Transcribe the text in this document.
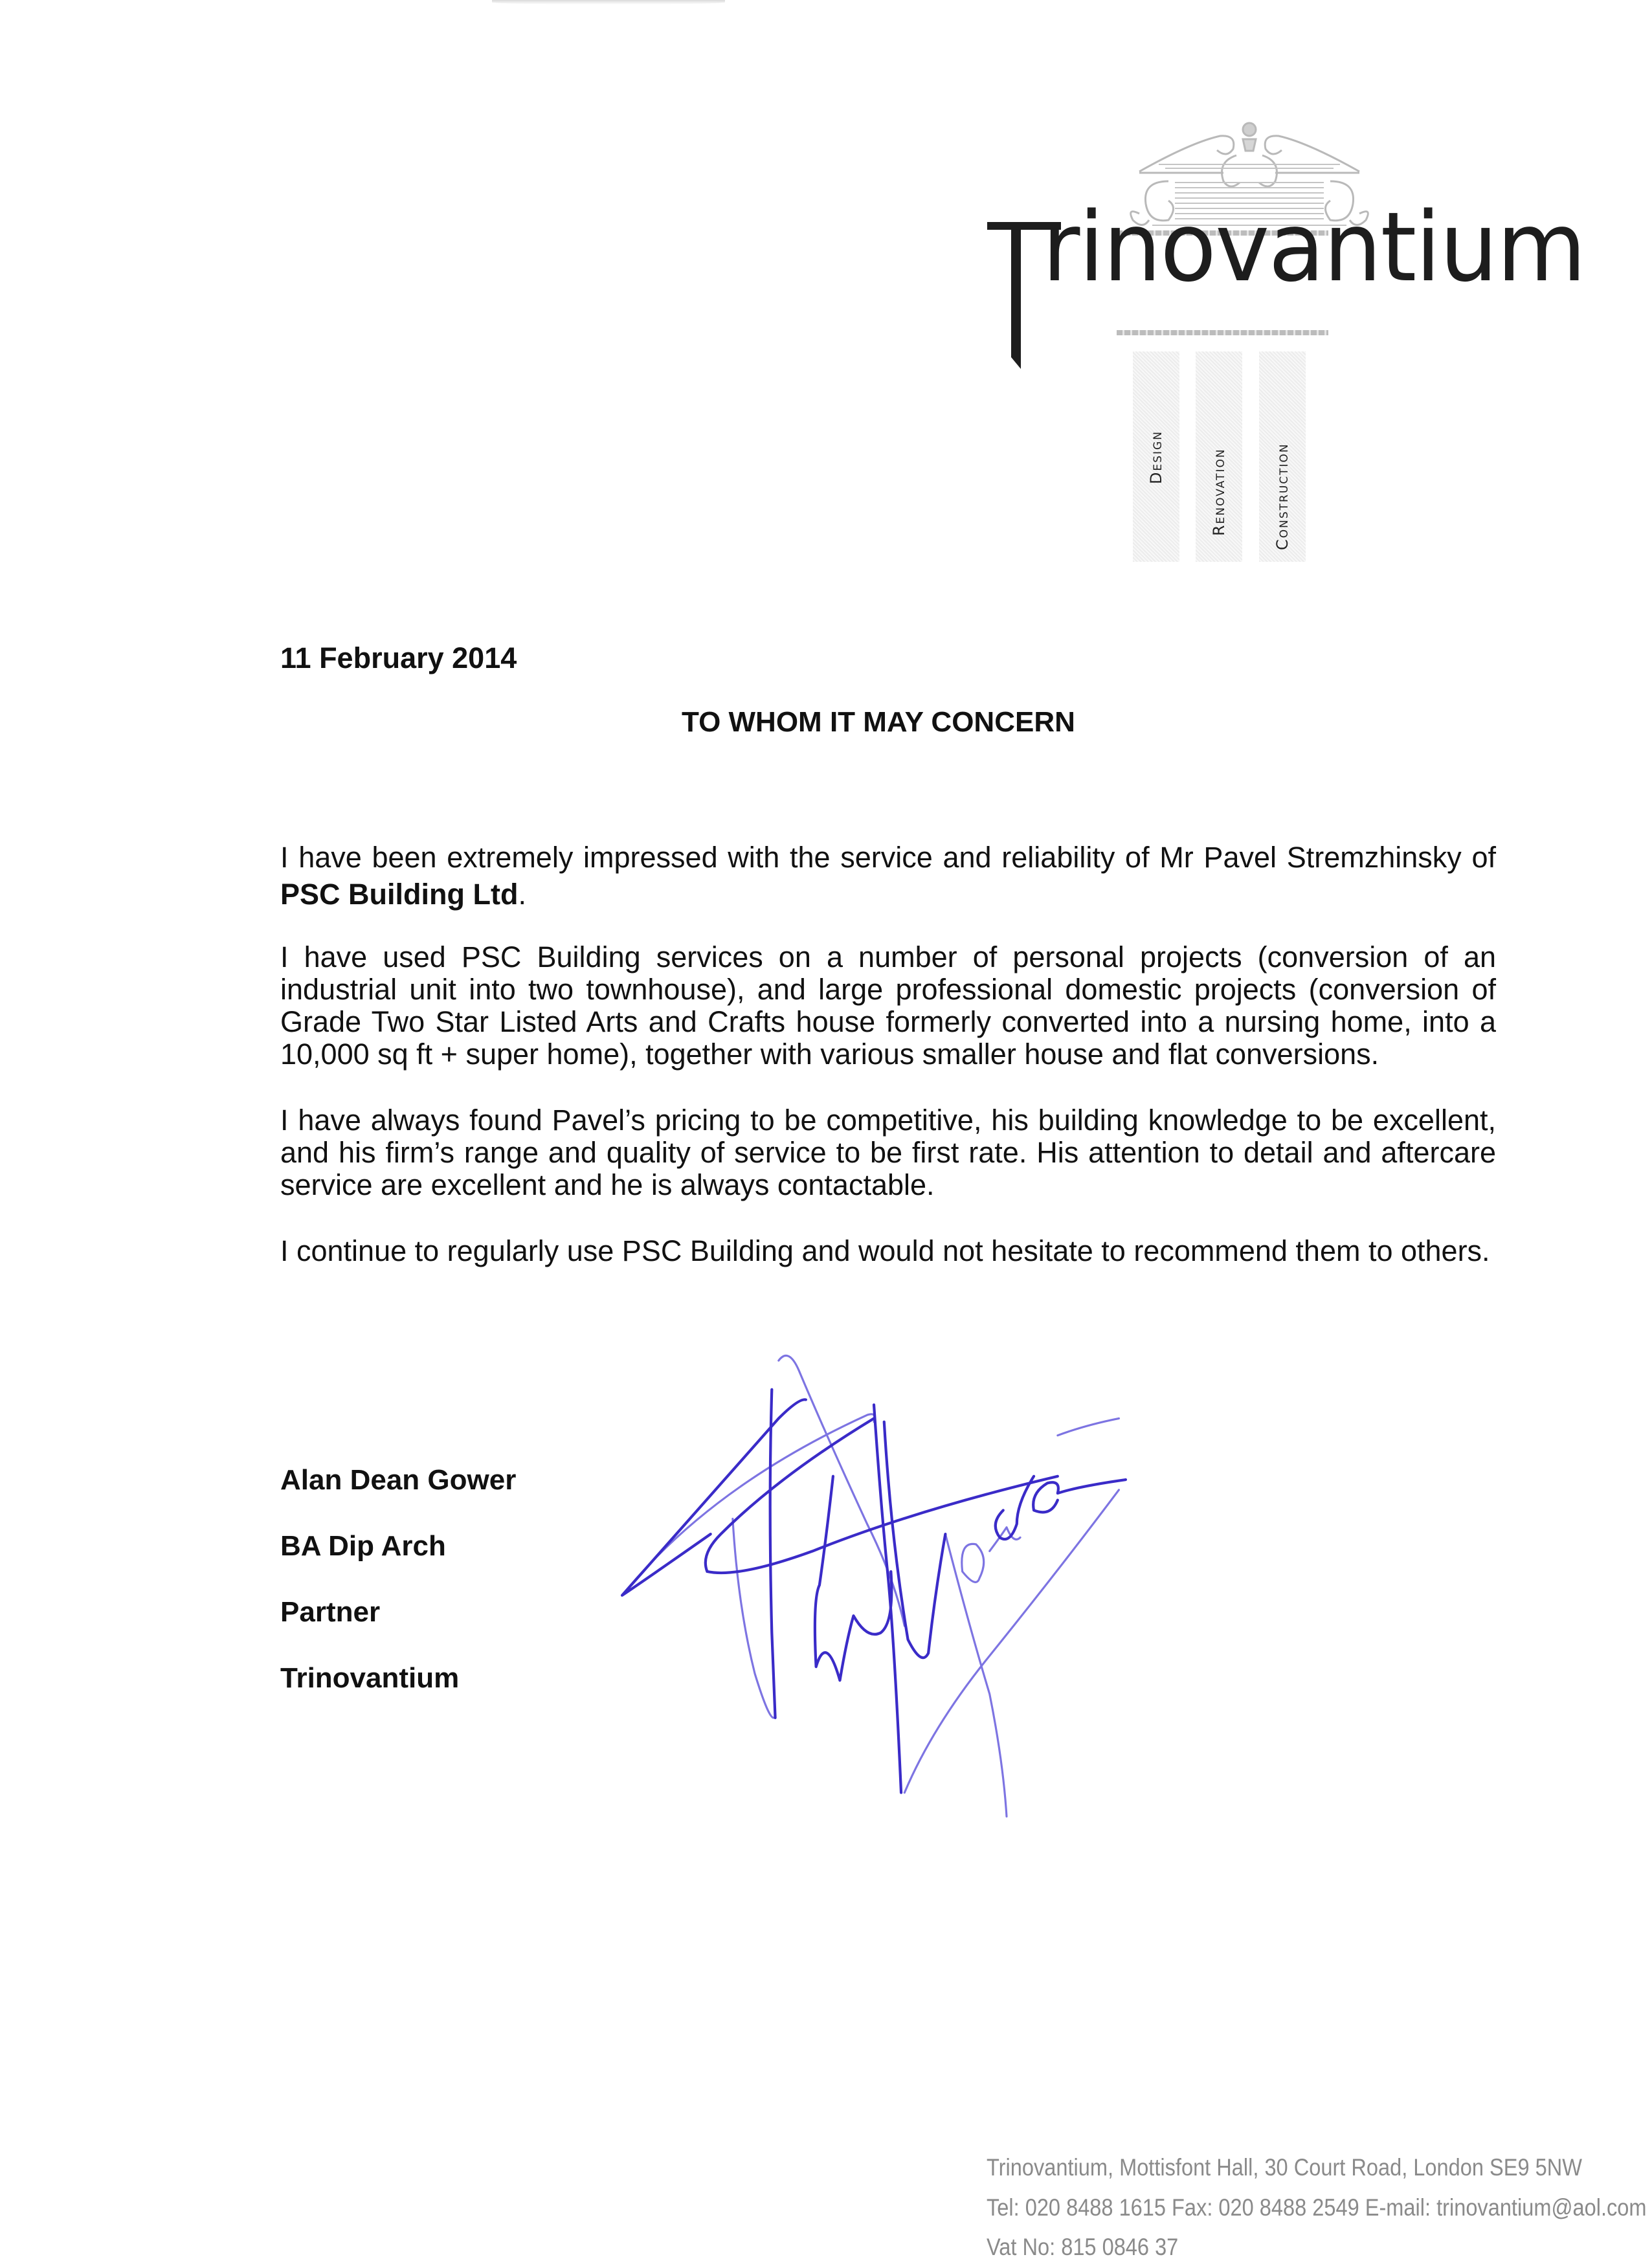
rinovantium
Design	Renovation	Construction
11 February 2014
TO WHOM IT MAY CONCERN

I have been extremely impressed with the service and reliability of Mr Pavel Stremzhinsky of PSC Building Ltd.

I have used PSC Building services on a number of personal projects (conversion of an industrial unit into two townhouse), and large professional domestic projects (conversion of Grade Two Star Listed Arts and Crafts house formerly converted into a nursing home, into a 10,000 sq ft + super home), together with various smaller house and flat conversions.

I have always found Pavel’s pricing to be competitive, his building knowledge to be excellent, and his firm’s range and quality of service to be first rate. His attention to detail and aftercare service are excellent and he is always contactable.

I continue to regularly use PSC Building and would not hesitate to recommend them to others.

Alan Dean Gower
BA Dip Arch
Partner
Trinovantium
Trinovantium, Mottisfont Hall, 30 Court Road, London SE9 5NW
Tel: 020 8488 1615 Fax: 020 8488 2549 E-mail: trinovantium@aol.com
Vat No: 815 0846 37
